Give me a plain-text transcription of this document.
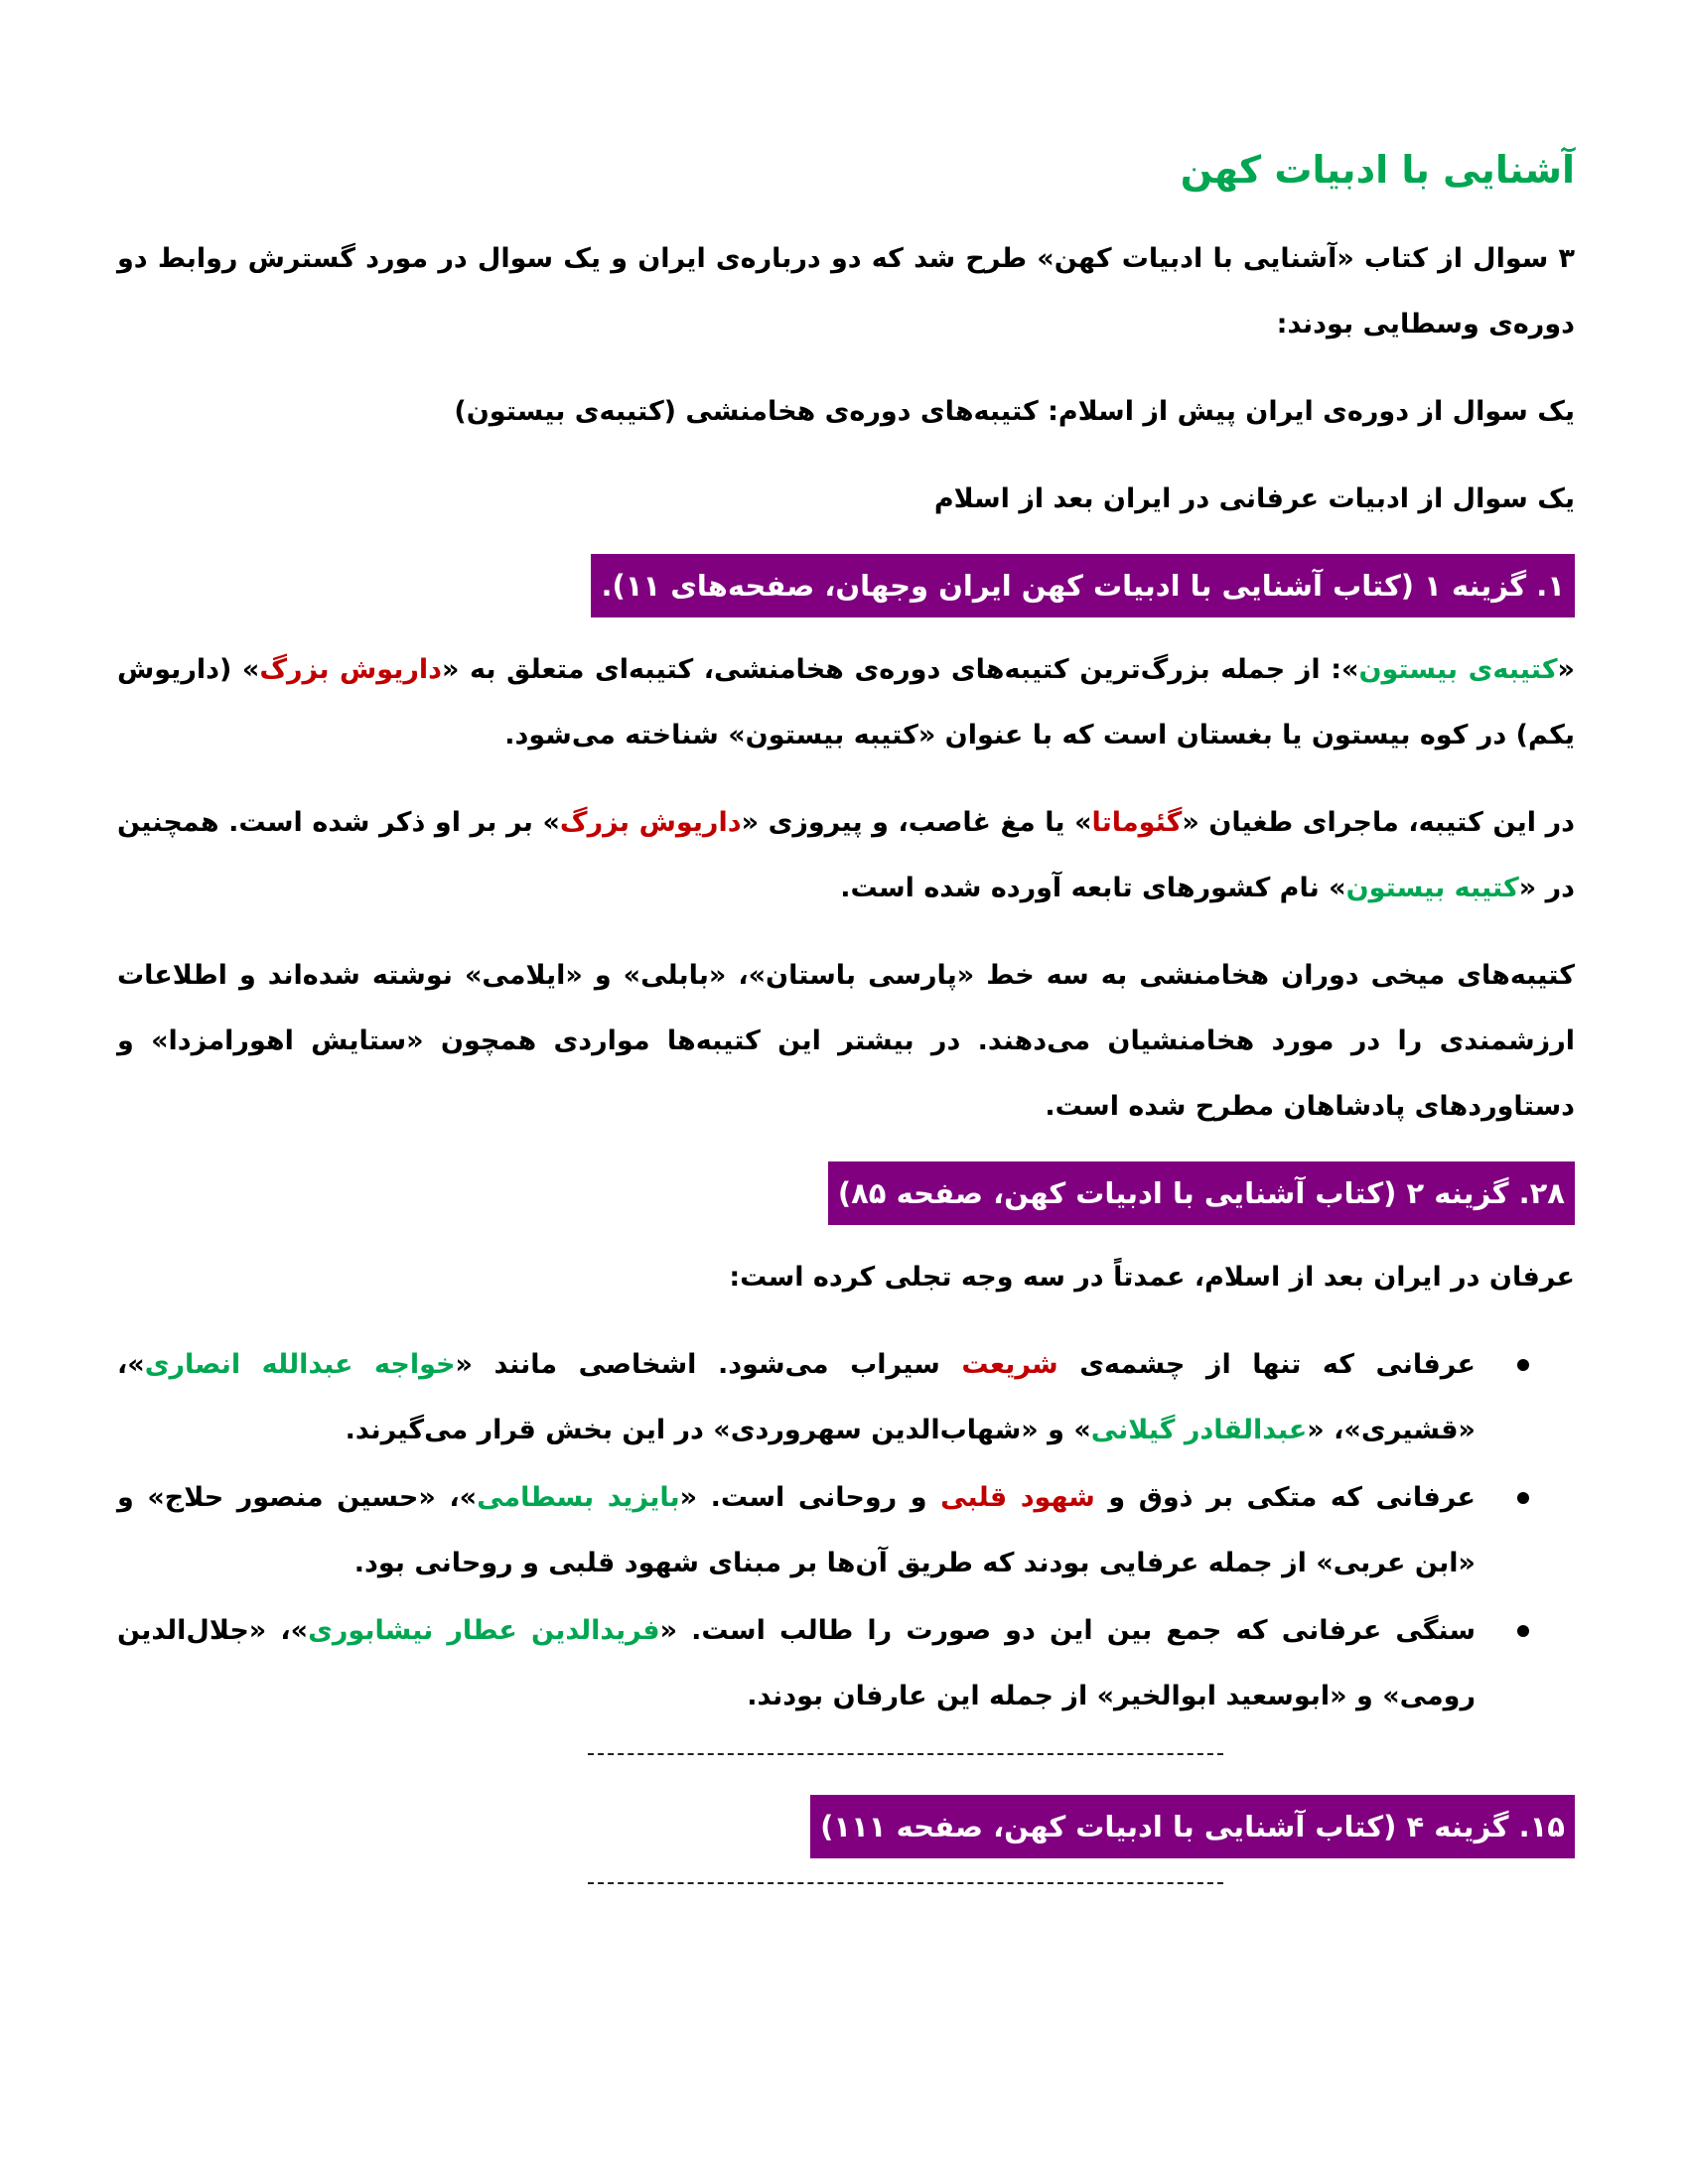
آشنایی با ادبیات کهن

۳ سوال از کتاب «آشنایی با ادبیات کهن» طرح شد که دو دربارەی ایران و یک سوال در مورد گسترش روابط دو دورەی وسطایی بودند:

یک سوال از دورەی ایران پیش از اسلام: کتیبەهای دورەی هخامنشی (کتیبەی بیستون)

یک سوال از ادبیات عرفانی در ایران بعد از اسلام

۱. گزینه ۱ (کتاب آشنایی با ادبیات کهن ایران وجهان، صفحەهای ۱۱).

«کتیبەی بیستون»: از جمله بزرگ‌ترین کتیبەهای دورەی هخامنشی، کتیبەای متعلق به «داریوش بزرگ» (داریوش یکم) در کوه بیستون یا بغستان است که با عنوان «کتیبه بیستون» شناخته می‌شود.

در این کتیبه، ماجرای طغیان «گئوماتا» یا مغ غاصب، و پیروزی «داریوش بزرگ» بر بر او ذکر شده است. همچنین در «کتیبه بیستون» نام کشورهای تابعه آورده شده است.

کتیبەهای میخی دوران هخامنشی به سه خط «پارسی باستان»، «بابلی» و «ایلامی» نوشته شدەاند و اطلاعات ارزشمندی را در مورد هخامنشیان می‌دهند. در بیشتر این کتیبەها مواردی همچون «ستایش اهورامزدا» و دستاوردهای پادشاهان مطرح شده است.

۲۸. گزینه ۲ (کتاب آشنایی با ادبیات کهن، صفحه ۸۵)

عرفان در ایران بعد از اسلام، عمدتاً در سه وجه تجلی کرده است:

عرفانی که تنها از چشمەی شریعت سیراب می‌شود. اشخاصی مانند «خواجه عبدالله انصاری»، «قشیری»، «عبدالقادر گیلانی» و «شهاب‌الدین سهروردی» در این بخش قرار می‌گیرند.
عرفانی که متکی بر ذوق و شهود قلبی و روحانی است. «بایزید بسطامی»، «حسین منصور حلاج» و «ابن عربی» از جمله عرفایی بودند که طریق آن‌ها بر مبنای شهود قلبی و روحانی بود.
سنگی عرفانی که جمع بین این دو صورت را طالب است. «فریدالدین عطار نیشابوری»، «جلال‌الدین رومی» و «ابوسعید ابوالخیر» از جمله این عارفان بودند.
۱۵. گزینه ۴ (کتاب آشنایی با ادبیات کهن، صفحه ۱۱۱)
